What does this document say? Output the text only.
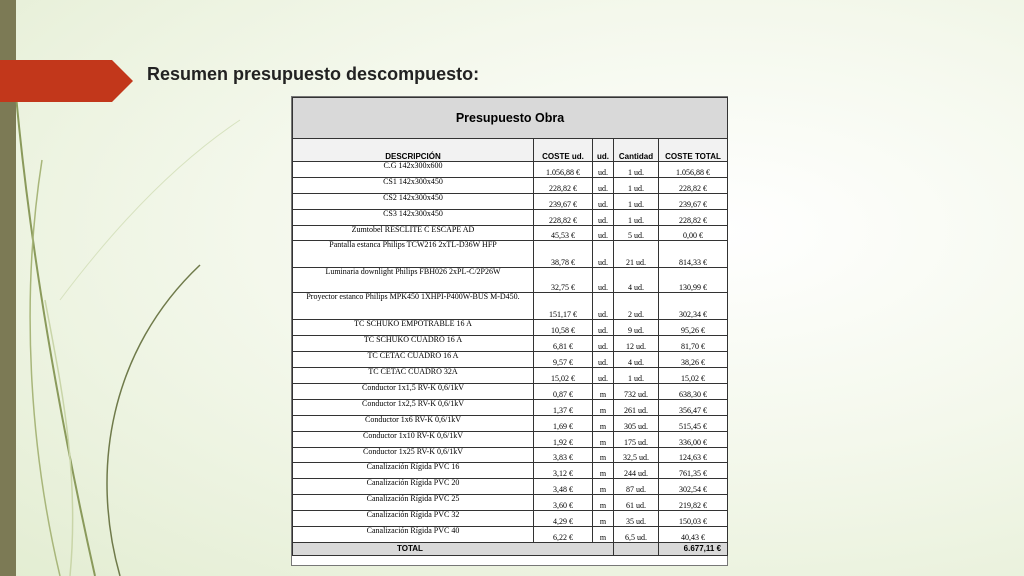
Resumen presupuesto descompuesto:
Presupuesto Obra				
DESCRIPCIÓN	COSTE ud.	ud.	Cantidad	COSTE TOTAL
C.G 142x300x600	1.056,88 €	ud.	1 ud.	1.056,88 €
CS1 142x300x450	228,82 €	ud.	1 ud.	228,82 €
CS2 142x300x450	239,67 €	ud.	1 ud.	239,67 €
CS3 142x300x450	228,82 €	ud.	1 ud.	228,82 €
Zumtobel RESCLITE C ESCAPE AD	45,53 €	ud.	5 ud.	0,00 €
Pantalla estanca Philips TCW216 2xTL-D36W HFP	38,78 €	ud.	21 ud.	814,33 €
Luminaria downlight Philips FBH026 2xPL-C/2P26W	32,75 €	ud.	4 ud.	130,99 €
Proyector estanco Philips MPK450 1XHPI-P400W-BUS M-D450.	151,17 €	ud.	2 ud.	302,34 €
TC SCHUKO EMPOTRABLE 16 A	10,58 €	ud.	9 ud.	95,26 €
TC SCHUKO CUADRO 16 A	6,81 €	ud.	12 ud.	81,70 €
TC CETAC CUADRO 16 A	9,57 €	ud.	4 ud.	38,26 €
TC CETAC CUADRO 32A	15,02 €	ud.	1 ud.	15,02 €
Conductor 1x1,5 RV-K 0,6/1kV	0,87 €	m	732 ud.	638,30 €
Conductor 1x2,5 RV-K 0,6/1kV	1,37 €	m	261 ud.	356,47 €
Conductor 1x6 RV-K 0,6/1kV	1,69 €	m	305 ud.	515,45 €
Conductor 1x10 RV-K 0,6/1kV	1,92 €	m	175 ud.	336,00 €
Conductor 1x25 RV-K 0,6/1kV	3,83 €	m	32,5 ud.	124,63 €
Canalización Rígida PVC 16	3,12 €	m	244 ud.	761,35 €
Canalización Rígida PVC 20	3,48 €	m	87 ud.	302,54 €
Canalización Rígida PVC 25	3,60 €	m	61 ud.	219,82 €
Canalización Rígida PVC 32	4,29 €	m	35 ud.	150,03 €
Canalización Rígida PVC 40	6,22 €	m	6,5 ud.	40,43 €
TOTAL				6.677,11 €
